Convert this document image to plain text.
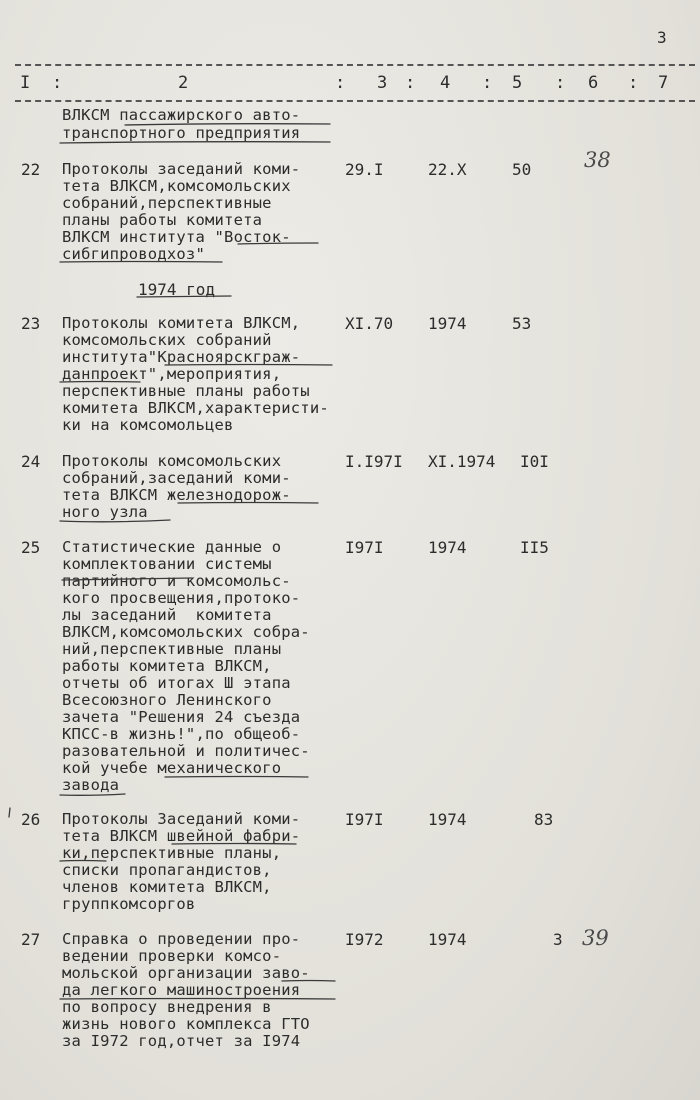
3
I :	2	: 3 : 4 : 5 : 6 : 7
ВЛКСМ пассажирского авто-
транспортного предприятия
22 Протоколы заседаний коми-
тета ВЛКСМ,комсомольских
собраний,перспективные
планы работы комитета
ВЛКСМ института "Восток-
сибгипроводхоз"
29.I	22.X	50	38
1974 год
23 Протоколы комитета ВЛКСМ,
комсомольских собраний
института"Красноярскграж-
данпроект",мероприятия,
перспективные планы работы
комитета ВЛКСМ,характеристи-
ки на комсомольцев
XI.70 1974	53
24 Протоколы комсомольских
собраний,заседаний коми-
тета ВЛКСМ железнодорож-
ного узла
I.I97I XI.1974 I0I
25 Статистические данные о
комплектовании системы
партийного и комсомольс-
кого просвещения,протоко-
лы заседаний  комитета
ВЛКСМ,комсомольских собра-
ний,перспективные планы
работы комитета ВЛКСМ,
отчеты об итогах Ш этапа
Всесоюзного Ленинского
зачета "Решения 24 съезда
КПСС-в жизнь!",по общеоб-
разовательной и политичес-
кой учебе механического
завода
I97I	1974	II5
26 Протоколы Заседаний коми-
тета ВЛКСМ швейной фабри-
ки,перспективные планы,
списки пропагандистов,
членов комитета ВЛКСМ,
группкомсоргов
I97I	1974	83
27 Справка о проведении про-
ведении проверки комсо-
мольской организации заво-
да легкого машиностроения
по вопросу внедрения в
жизнь нового комплекса ГТО
за I972 год,отчет за I974
I972	1974	3 39
